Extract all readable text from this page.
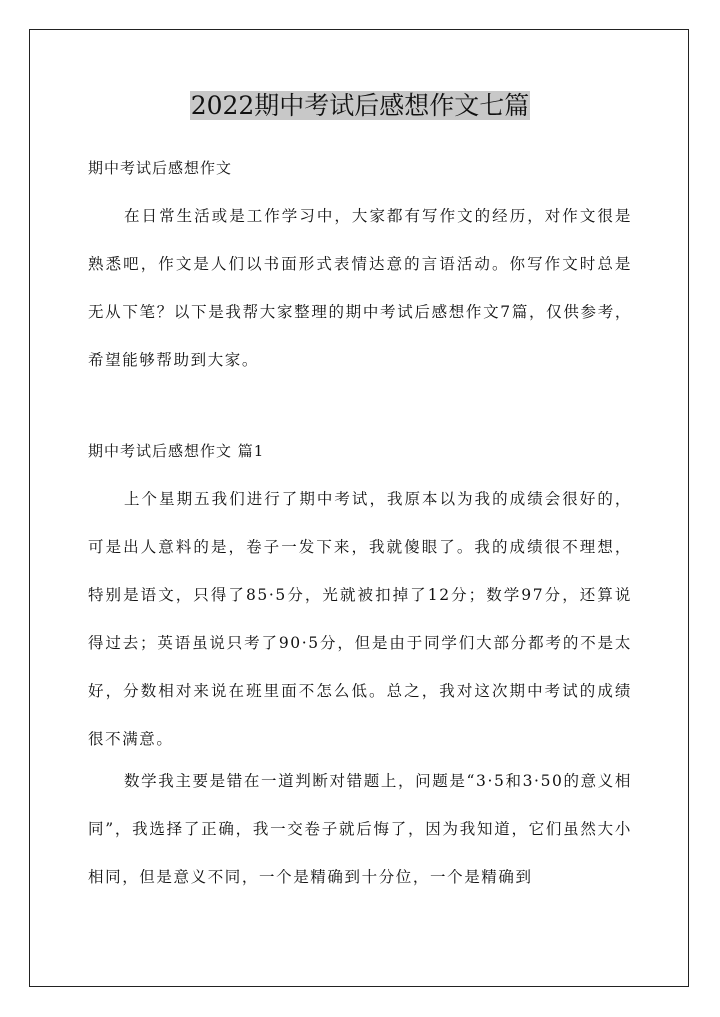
2022期中考试后感想作文七篇
期中考试后感想作文

在日常生活或是工作学习中，大家都有写作文的经历，对作文很是熟悉吧，作文是人们以书面形式表情达意的言语活动。你写作文时总是无从下笔？以下是我帮大家整理的期中考试后感想作文7篇，仅供参考，希望能够帮助到大家。

期中考试后感想作文 篇1

上个星期五我们进行了期中考试，我原本以为我的成绩会很好的，可是出人意料的是，卷子一发下来，我就傻眼了。我的成绩很不理想，特别是语文，只得了85·5分，光就被扣掉了12分；数学97分，还算说得过去；英语虽说只考了90·5分，但是由于同学们大部分都考的不是太好，分数相对来说在班里面不怎么低。总之，我对这次期中考试的成绩很不满意。

数学我主要是错在一道判断对错题上，问题是“3·5和3·50的意义相同”，我选择了正确，我一交卷子就后悔了，因为我知道，它们虽然大小相同，但是意义不同，一个是精确到十分位，一个是精确到
